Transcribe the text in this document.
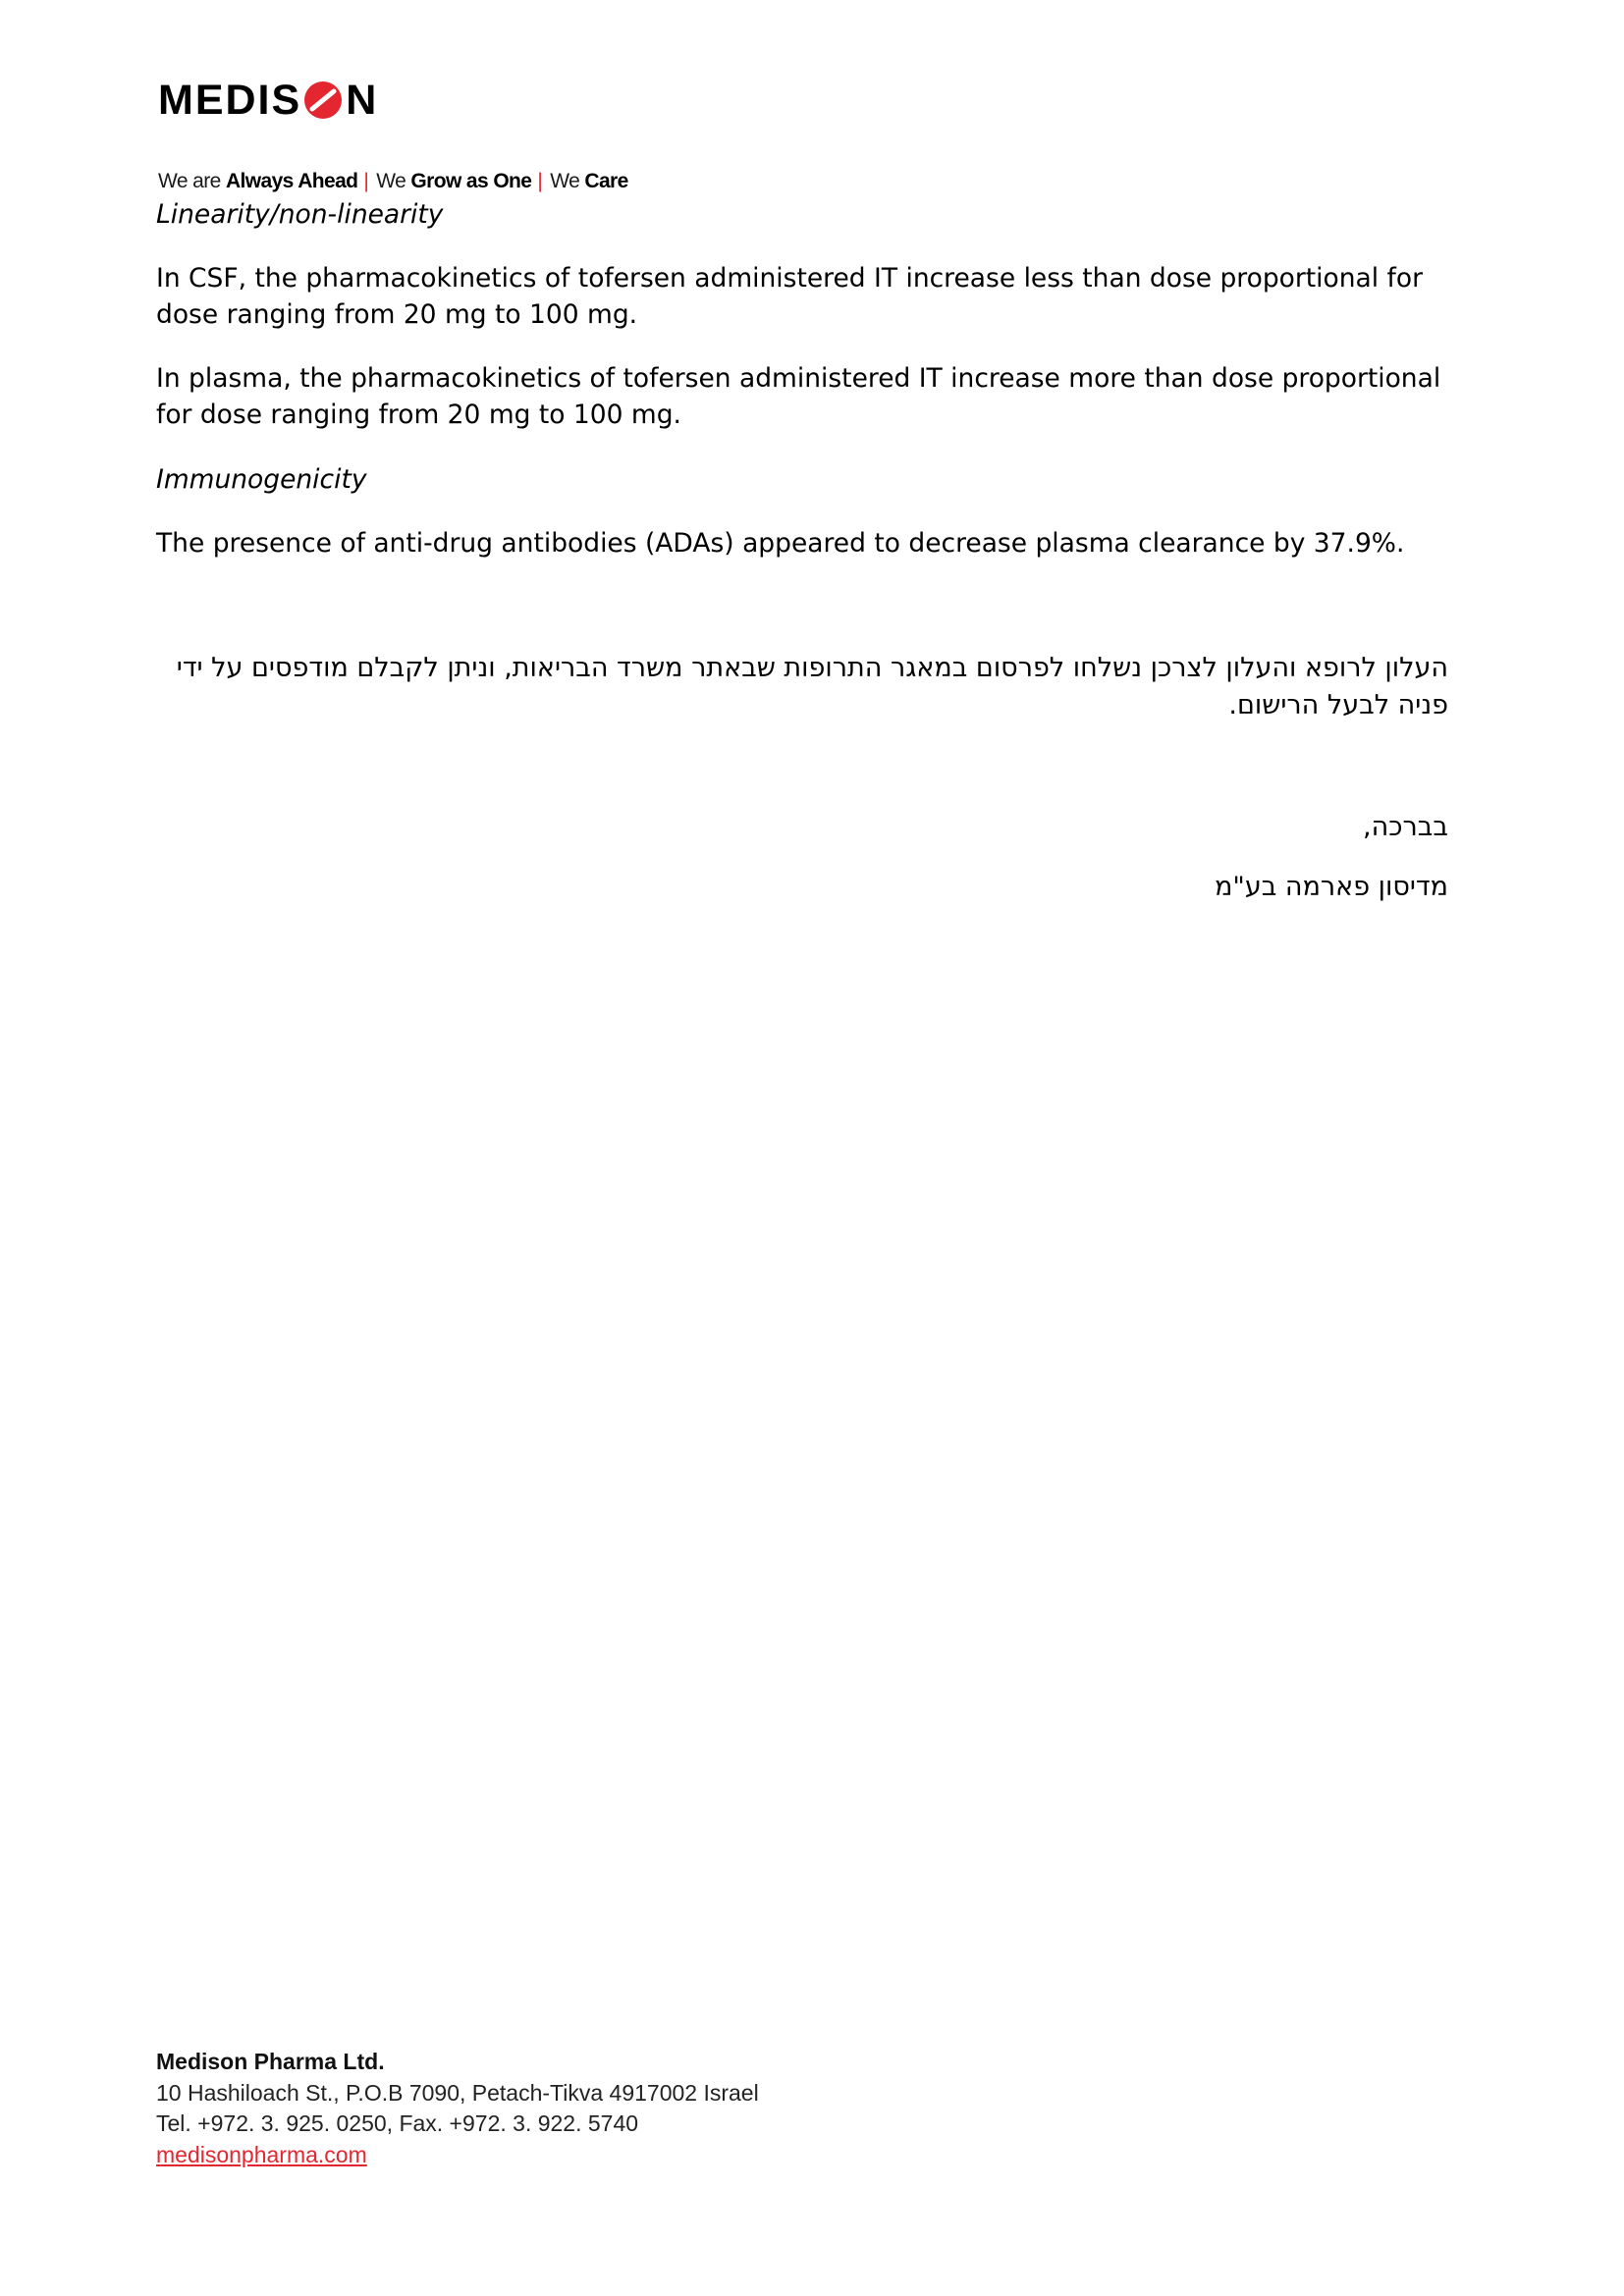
MEDIS N
We are Always Ahead | We Grow as One | We Care

Linearity/non-linearity

In CSF, the pharmacokinetics of tofersen administered IT increase less than dose proportional for dose ranging from 20 mg to 100 mg.

In plasma, the pharmacokinetics of tofersen administered IT increase more than dose proportional for dose ranging from 20 mg to 100 mg.

Immunogenicity

The presence of anti-drug antibodies (ADAs) appeared to decrease plasma clearance by 37.9%.

העלון לרופא והעלון לצרכן נשלחו לפרסום במאגר התרופות שבאתר משרד הבריאות, וניתן לקבלם מודפסים על ידי פניה לבעל הרישום.

בברכה,

מדיסון פארמה בע"מ

Medison Pharma Ltd.
10 Hashiloach St., P.O.B 7090, Petach-Tikva 4917002 Israel
Tel. +972. 3. 925. 0250, Fax. +972. 3. 922. 5740
medisonpharma.com
